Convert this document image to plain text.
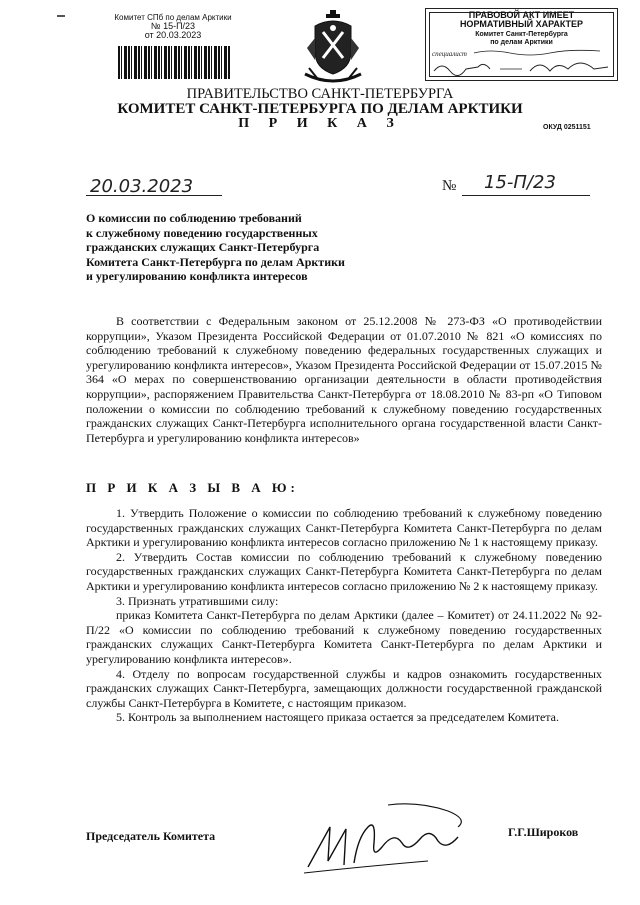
Комитет СПб по делам Арктики
№ 15-П/23
от 20.03.2023
ПРАВОВОЙ АКТ ИМЕЕТ
НОРМАТИВНЫЙ ХАРАКТЕР
Комитет Санкт-Петербурга
по делам Арктики
специалист
ПРАВИТЕЛЬСТВО САНКТ-ПЕТЕРБУРГА
КОМИТЕТ САНКТ-ПЕТЕРБУРГА ПО ДЕЛАМ АРКТИКИ
П Р И К А З	ОКУД 0251151
20.03.2023	№ 15-П/23
О комиссии по соблюдению требований
к служебному поведению государственных
гражданских служащих Санкт-Петербурга
Комитета Санкт-Петербурга по делам Арктики
и урегулированию конфликта интересов

В соответствии с Федеральным законом от 25.12.2008 № 273-ФЗ «О противодействии коррупции», Указом Президента Российской Федерации от 01.07.2010 № 821 «О комиссиях по соблюдению требований к служебному поведению федеральных государственных служащих и урегулированию конфликта интересов», Указом Президента Российской Федерации от 15.07.2015 № 364 «О мерах по совершенствованию организации деятельности в области противодействия коррупции», распоряжением Правительства Санкт-Петербурга от 18.08.2010 № 83-рп «О Типовом положении о комиссии по соблюдению требований к служебному поведению государственных гражданских служащих Санкт-Петербурга исполнительного органа государственной власти Санкт-Петербурга и урегулированию конфликта интересов»

П Р И К А З Ы В А Ю:

1. Утвердить Положение о комиссии по соблюдению требований к служебному поведению государственных гражданских служащих Санкт-Петербурга Комитета Санкт-Петербурга по делам Арктики и урегулированию конфликта интересов согласно приложению № 1 к настоящему приказу.

2. Утвердить Состав комиссии по соблюдению требований к служебному поведению государственных гражданских служащих Санкт-Петербурга Комитета Санкт-Петербурга по делам Арктики и урегулированию конфликта интересов согласно приложению № 2 к настоящему приказу.

3. Признать утратившими силу:

приказ Комитета Санкт-Петербурга по делам Арктики (далее – Комитет) от 24.11.2022 № 92-П/22 «О комиссии по соблюдению требований к служебному поведению государственных гражданских служащих Санкт-Петербурга Комитета Санкт-Петербурга по делам Арктики и урегулированию конфликта интересов».

4. Отделу по вопросам государственной службы и кадров ознакомить государственных гражданских служащих Санкт-Петербурга, замещающих должности государственной гражданской службы Санкт-Петербурга в Комитете, с настоящим приказом.

5. Контроль за выполнением настоящего приказа остается за председателем Комитета.

Председатель Комитета	Г.Г.Широков
